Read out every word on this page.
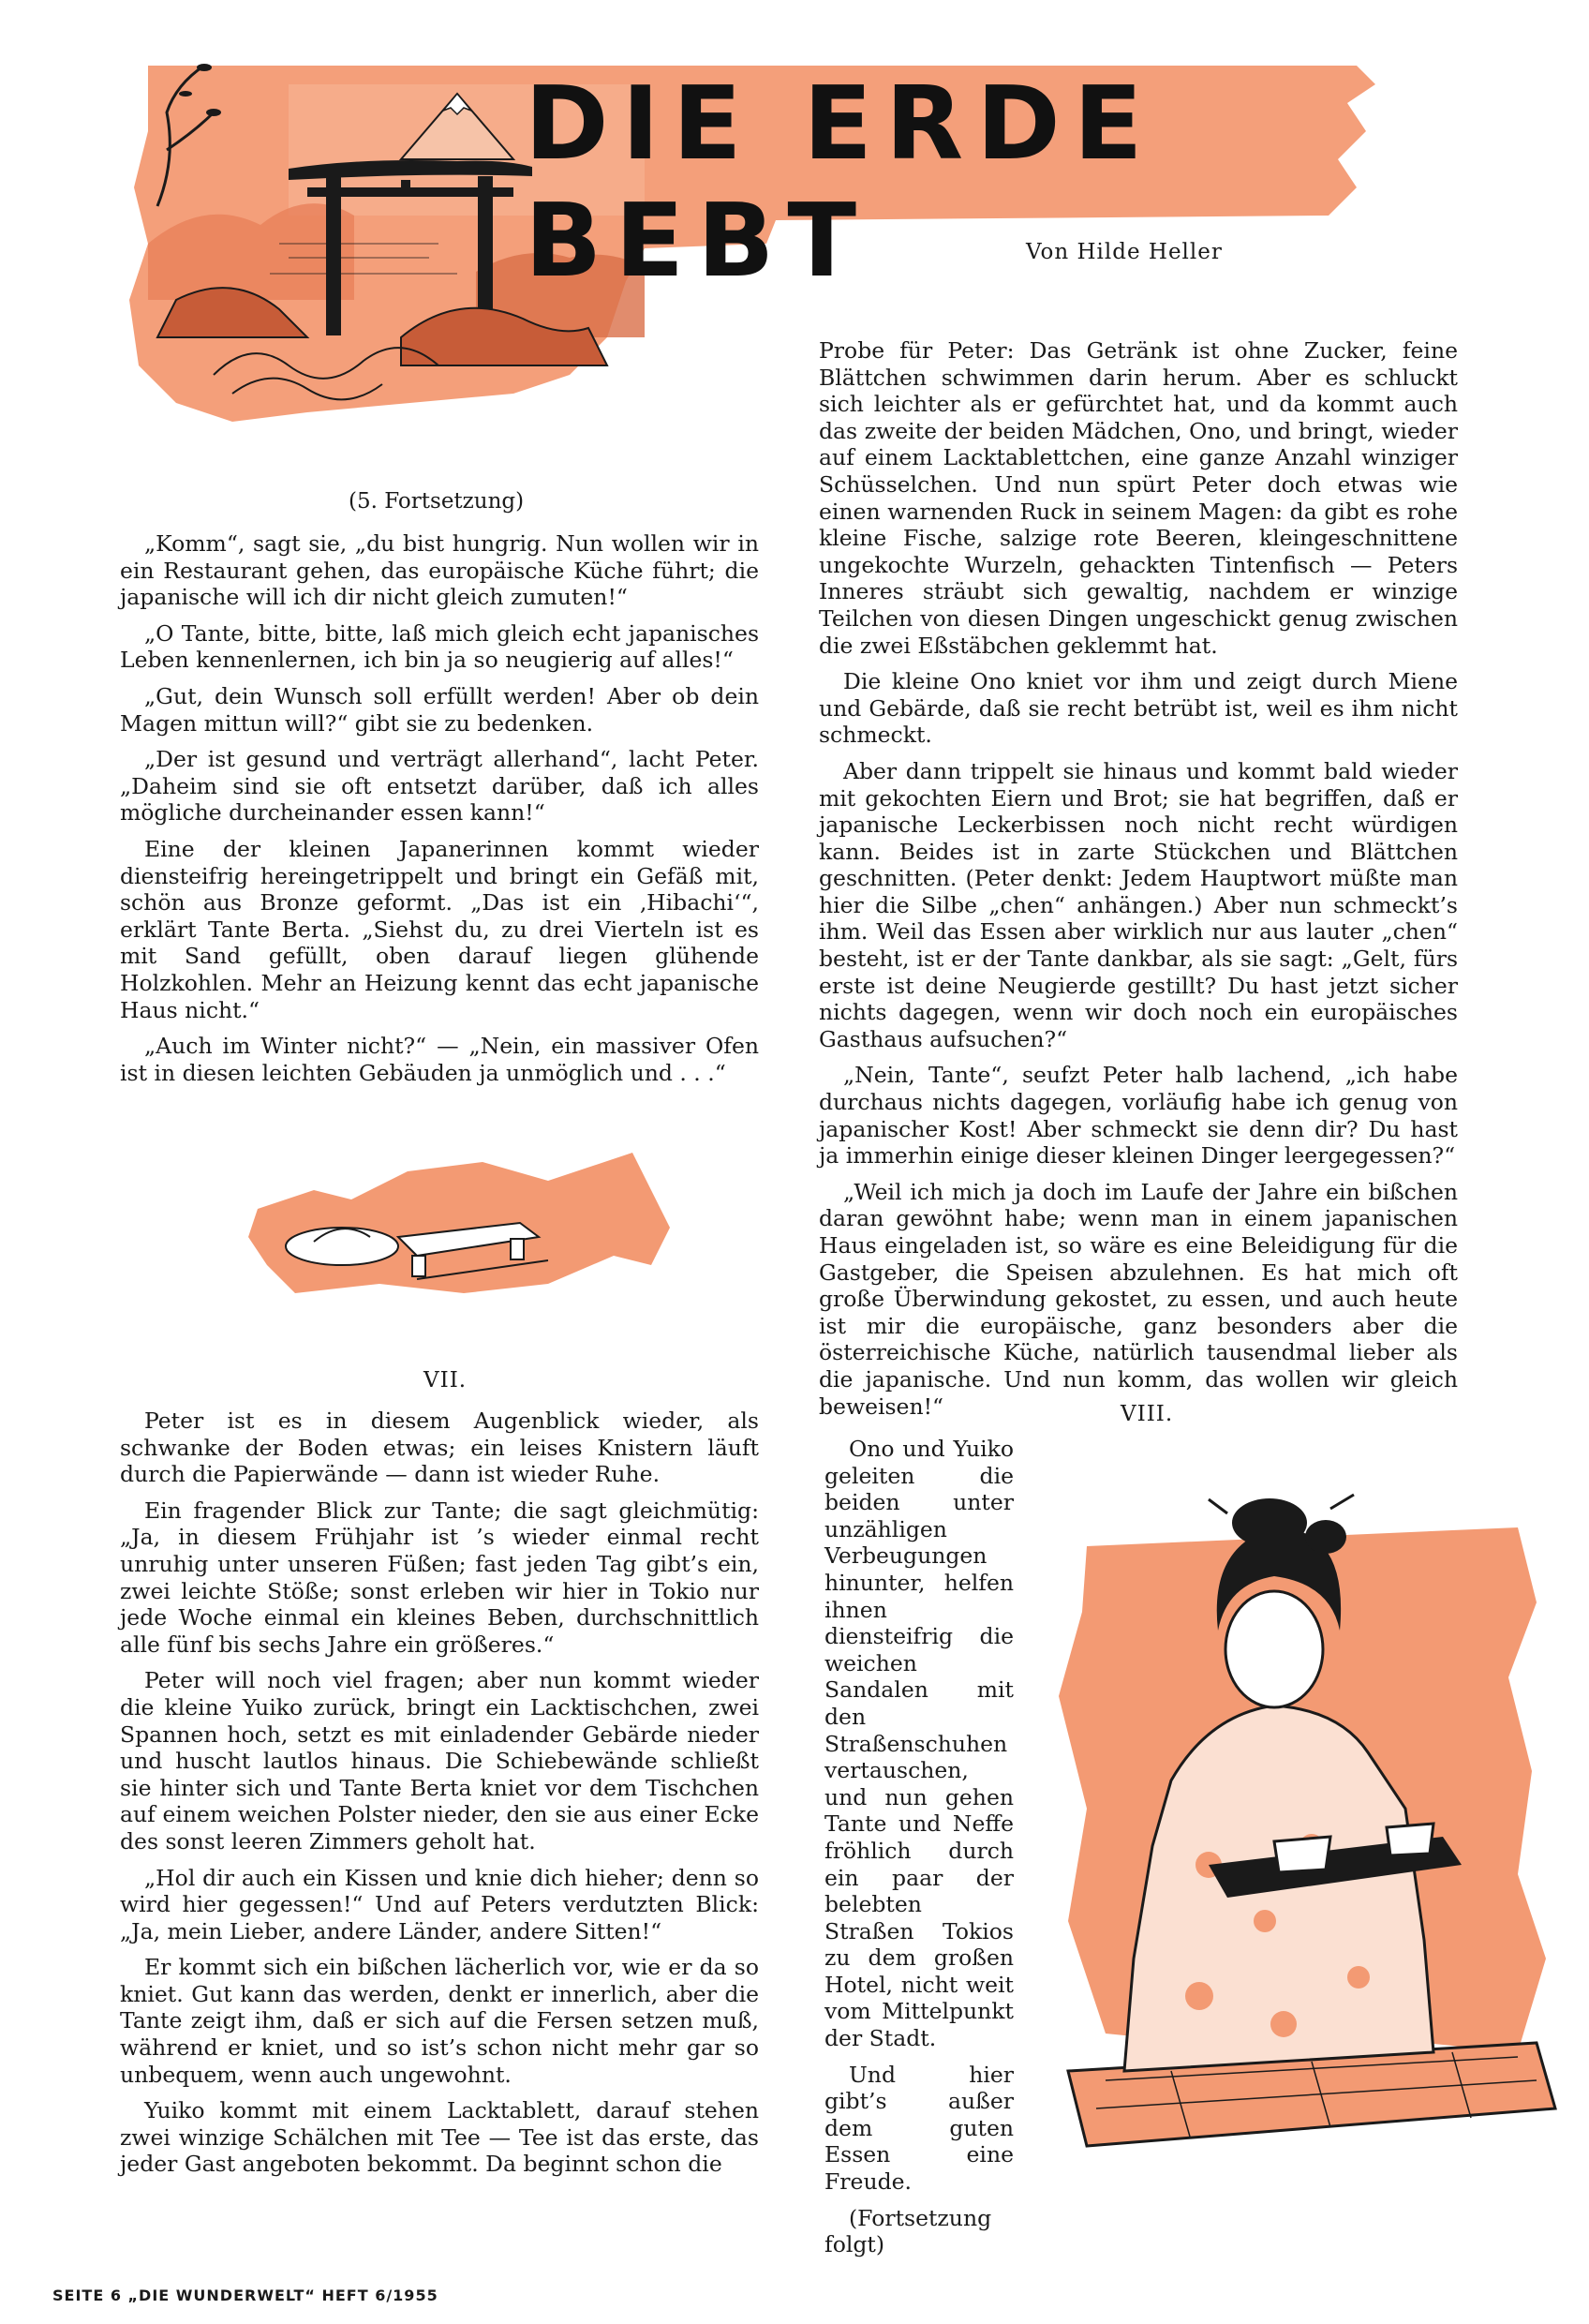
DIE ERDE BEBT	Von Hilde Heller
(5. Fortsetzung)

„Komm“, sagt sie, „du bist hungrig. Nun wollen wir in ein Restaurant gehen, das europäische Küche führt; die japanische will ich dir nicht gleich zumuten!“

„O Tante, bitte, bitte, laß mich gleich echt japanisches Leben kennenlernen, ich bin ja so neugierig auf alles!“

„Gut, dein Wunsch soll erfüllt werden! Aber ob dein Magen mittun will?“ gibt sie zu bedenken.

„Der ist gesund und verträgt allerhand“, lacht Peter. „Daheim sind sie oft entsetzt darüber, daß ich alles mögliche durcheinander essen kann!“

Eine der kleinen Japanerinnen kommt wieder diensteifrig hereingetrippelt und bringt ein Gefäß mit, schön aus Bronze geformt. „Das ist ein ‚Hibachi‘“, erklärt Tante Berta. „Siehst du, zu drei Vierteln ist es mit Sand gefüllt, oben darauf liegen glühende Holzkohlen. Mehr an Heizung kennt das echt japanische Haus nicht.“

„Auch im Winter nicht?“ — „Nein, ein massiver Ofen ist in diesen leichten Gebäuden ja unmöglich und . . .“

VII.

Peter ist es in diesem Augenblick wieder, als schwanke der Boden etwas; ein leises Knistern läuft durch die Papierwände — dann ist wieder Ruhe.

Ein fragender Blick zur Tante; die sagt gleichmütig: „Ja, in diesem Frühjahr ist ’s wieder einmal recht unruhig unter unseren Füßen; fast jeden Tag gibt’s ein, zwei leichte Stöße; sonst erleben wir hier in Tokio nur jede Woche einmal ein kleines Beben, durchschnittlich alle fünf bis sechs Jahre ein größeres.“

Peter will noch viel fragen; aber nun kommt wieder die kleine Yuiko zurück, bringt ein Lacktischchen, zwei Spannen hoch, setzt es mit einladender Gebärde nieder und huscht lautlos hinaus. Die Schiebewände schließt sie hinter sich und Tante Berta kniet vor dem Tischchen auf einem weichen Polster nieder, den sie aus einer Ecke des sonst leeren Zimmers geholt hat.

„Hol dir auch ein Kissen und knie dich hieher; denn so wird hier gegessen!“ Und auf Peters verdutzten Blick: „Ja, mein Lieber, andere Länder, andere Sitten!“

Er kommt sich ein bißchen lächerlich vor, wie er da so kniet. Gut kann das werden, denkt er innerlich, aber die Tante zeigt ihm, daß er sich auf die Fersen setzen muß, während er kniet, und so ist’s schon nicht mehr gar so unbequem, wenn auch ungewohnt.

Yuiko kommt mit einem Lacktablett, darauf stehen zwei winzige Schälchen mit Tee — Tee ist das erste, das jeder Gast angeboten bekommt. Da beginnt schon die

Probe für Peter: Das Getränk ist ohne Zucker, feine Blättchen schwimmen darin herum. Aber es schluckt sich leichter als er gefürchtet hat, und da kommt auch das zweite der beiden Mädchen, Ono, und bringt, wieder auf einem Lacktablettchen, eine ganze Anzahl winziger Schüsselchen. Und nun spürt Peter doch etwas wie einen warnenden Ruck in seinem Magen: da gibt es rohe kleine Fische, salzige rote Beeren, kleingeschnittene ungekochte Wurzeln, gehackten Tintenfisch — Peters Inneres sträubt sich gewaltig, nachdem er winzige Teilchen von diesen Dingen ungeschickt genug zwischen die zwei Eßstäbchen geklemmt hat.

Die kleine Ono kniet vor ihm und zeigt durch Miene und Gebärde, daß sie recht betrübt ist, weil es ihm nicht schmeckt.

Aber dann trippelt sie hinaus und kommt bald wieder mit gekochten Eiern und Brot; sie hat begriffen, daß er japanische Leckerbissen noch nicht recht würdigen kann. Beides ist in zarte Stückchen und Blättchen geschnitten. (Peter denkt: Jedem Hauptwort müßte man hier die Silbe „chen“ anhängen.) Aber nun schmeckt’s ihm. Weil das Essen aber wirklich nur aus lauter „chen“ besteht, ist er der Tante dankbar, als sie sagt: „Gelt, fürs erste ist deine Neugierde gestillt? Du hast jetzt sicher nichts dagegen, wenn wir doch noch ein europäisches Gasthaus aufsuchen?“

„Nein, Tante“, seufzt Peter halb lachend, „ich habe durchaus nichts dagegen, vorläufig habe ich genug von japanischer Kost! Aber schmeckt sie denn dir? Du hast ja immerhin einige dieser kleinen Dinger leergegessen?“

„Weil ich mich ja doch im Laufe der Jahre ein bißchen daran gewöhnt habe; wenn man in einem japanischen Haus eingeladen ist, so wäre es eine Beleidigung für die Gastgeber, die Speisen abzulehnen. Es hat mich oft große Überwindung gekostet, zu essen, und auch heute ist mir die europäische, ganz besonders aber die österreichische Küche, natürlich tausendmal lieber als die japanische. Und nun komm, das wollen wir gleich beweisen!“	VIII.

Ono und Yuiko geleiten die beiden unter unzähligen Verbeugungen hinunter, helfen ihnen diensteifrig die weichen Sandalen mit den Straßenschuhen vertauschen, und nun gehen Tante und Neffe fröhlich durch ein paar der belebten Straßen Tokios zu dem großen Hotel, nicht weit vom Mittelpunkt der Stadt.

Und hier gibt’s außer dem guten Essen eine Freude.

(Fortsetzung folgt)

SEITE 6 „DIE WUNDERWELT“ HEFT 6/1955
